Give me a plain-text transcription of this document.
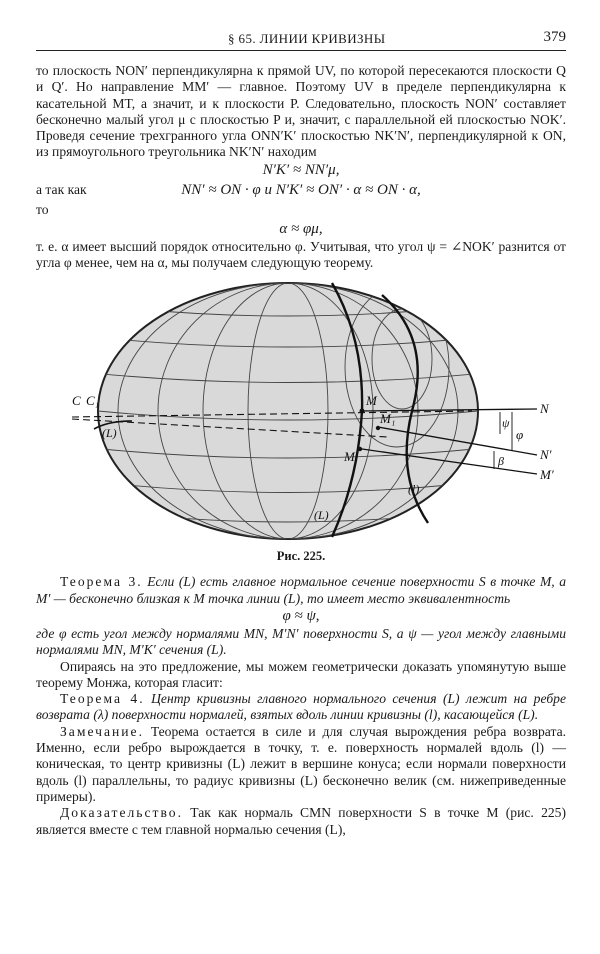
§ 65. ЛИНИИ КРИВИЗНЫ	379

то плоскость NON′ перпендикулярна к прямой UV, по которой пересекаются плоскости Q и Q′. Но направление MM′ — главное. Поэтому UV в пределе перпендикулярна к касательной MT, а значит, и к плоскости P. Следовательно, плоскость NON′ составляет бесконечно малый угол μ с плоскостью P и, значит, с параллельной ей плоскостью NOK′. Проведя сечение трехгранного угла ONN′K′ плоскостью NK′N′, перпендикулярной к ON, из прямоугольного треугольника NK′N′ находим

N′K′ ≈ NN′μ,

а так как	NN′ ≈ ON · φ и N′K′ ≈ ON′ · α ≈ ON · α,
то

α ≈ φμ,

т. е. α имеет высший порядок относительно φ. Учитывая, что угол ψ = ∠NOK′ разнится от угла φ менее, чем на α, мы получаем следующую теорему.

C C₁
(L)
M
M₁
M′
N
N′
M′
φ
ψ
β
(l)
(L)
Рис. 225.

Теорема 3. Если (L) есть главное нормальное сечение поверхности S в точке M, а M′ — бесконечно близкая к M точка линии (L), то имеет место эквивалентность

φ ≈ ψ,

где φ есть угол между нормалями MN, M′N′ поверхности S, а ψ — угол между главными нормалями MN, M′K′ сечения (L).

Опираясь на это предложение, мы можем геометрически доказать упомянутую выше теорему Монжа, которая гласит:

Теорема 4. Центр кривизны главного нормального сечения (L) лежит на ребре возврата (λ) поверхности нормалей, взятых вдоль линии кривизны (l), касающейся (L).

Замечание. Теорема остается в силе и для случая вырождения ребра возврата. Именно, если ребро вырождается в точку, т. е. поверхность нормалей вдоль (l) — коническая, то центр кривизны (L) лежит в вершине конуса; если нормали поверхности вдоль (l) параллельны, то радиус кривизны (L) бесконечно велик (см. нижеприведенные примеры).

Доказательство. Так как нормаль CMN поверхности S в точке M (рис. 225) является вместе с тем главной нормалью сечения (L),
